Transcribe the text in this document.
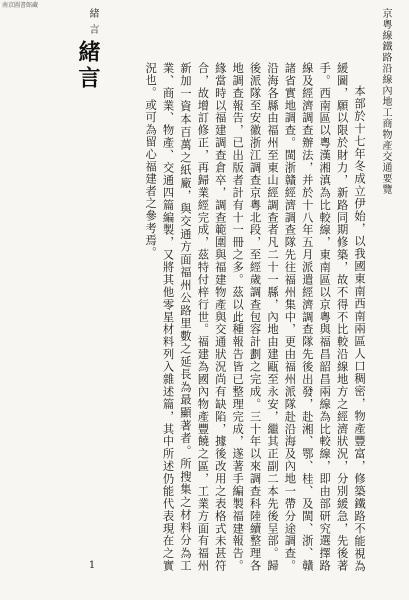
南京圖書館藏
京粵線鐵路沿線內地工商物產交通要覽
緒言
緒言

本部於十七年冬成立伊始，以我國東南西南兩區人口稠密，物產豐富，修築鐵路不能視為緩圖，願以限於財力，新路同期修築，故不得不比較沿線地方之經濟狀況，分別緩急，先後著手。西南區以粵漢湘滇為比較線，東南區以京粵與福昌韶昌兩線為比較線，即由部研究選擇路線及經濟調查辦法，并於十八年五月派遣經濟調查隊先後出發，赴湘、鄂、桂、及閩、浙、贛諸省實地調查。閩浙贛經濟調查隊先往福州集中，更由福州派隊赴沿海及內地一帶分途調查。沿海各縣由福州至東山經調查者凡二十一縣，內地由建甌至永安，繼其正副二本先後呈部。歸後派隊至安徽浙江調查京粵北段，至經歲調查包容計劃之完成。三十年以來調查科陸續整理各地調查報告，已出版者計有十一冊之多。茲以此種報告皆已整理完成，遂著手編製福建報告。緣當時以福建調查倉卒，調查範圍與福建物產與交通狀況尚有缺陷，據後改用之表格式未甚符合，故增訂修正，再歸業經完成，茲特付梓行世。福建為國內物產豐饒之區，工業方面有福州新加一資本百萬之紙廠，與交通方面福州公路里數之延長為最顯著者。所搜集之材料分為工業、商業、物產、交通四篇編製，又將其他零星材料列入雜述篇，其中所述仍能代表現在之實況也。或可為留心福建者之參考焉。

1
